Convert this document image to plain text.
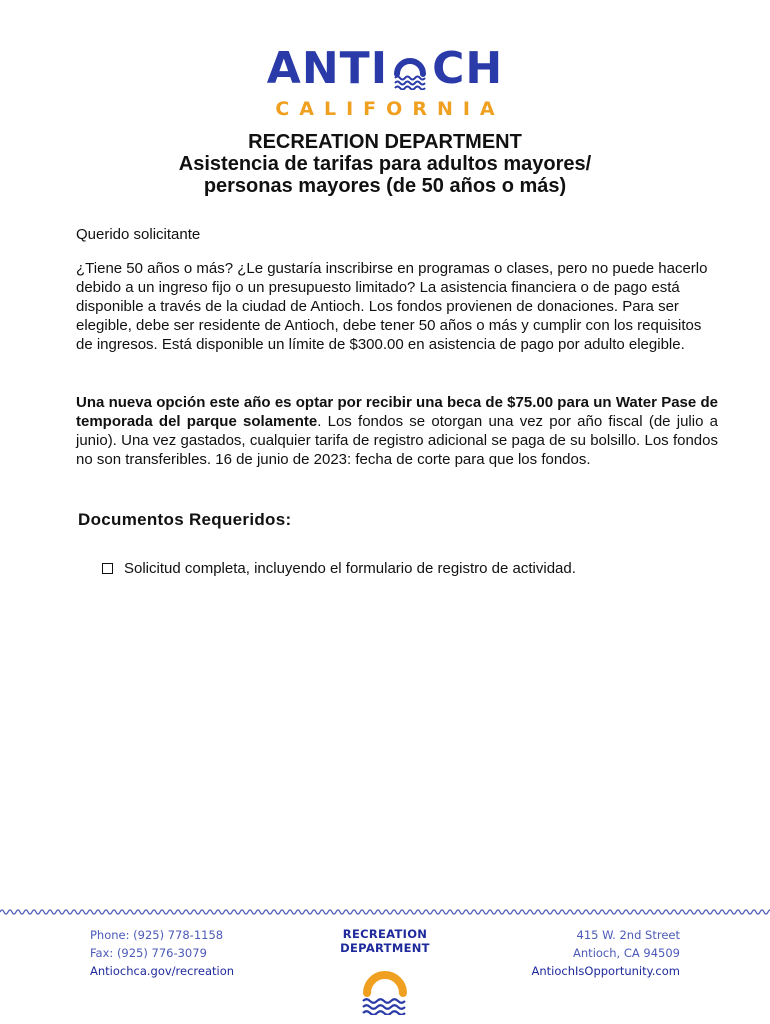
ANTI CH
CALIFORNIA
RECREATION DEPARTMENT
Asistencia de tarifas para adultos mayores/
personas mayores (de 50 años o más)
Querido solicitante
¿Tiene 50 años o más? ¿Le gustaría inscribirse en programas o clases, pero no puede hacerlo debido a un ingreso fijo o un presupuesto limitado? La asistencia financiera o de pago está disponible a través de la ciudad de Antioch. Los fondos provienen de donaciones. Para ser elegible, debe ser residente de Antioch, debe tener 50 años o más y cumplir con los requisitos de ingresos. Está disponible un límite de $300.00 en asistencia de pago por adulto elegible.
Una nueva opción este año es optar por recibir una beca de $75.00 para un Water Pase de temporada del parque solamente. Los fondos se otorgan una vez por año fiscal (de julio a junio). Una vez gastados, cualquier tarifa de registro adicional se paga de su bolsillo. Los fondos no son transferibles. 16 de junio de 2023: fecha de corte para que los fondos.
Documentos Requeridos:
Solicitud completa, incluyendo el formulario de registro de actividad.
Phone: (925) 778-1158
Fax: (925) 776-3079
Antiochca.gov/recreation
RECREATION DEPARTMENT
415 W. 2nd Street
Antioch, CA 94509
AntiochIsOpportunity.com
